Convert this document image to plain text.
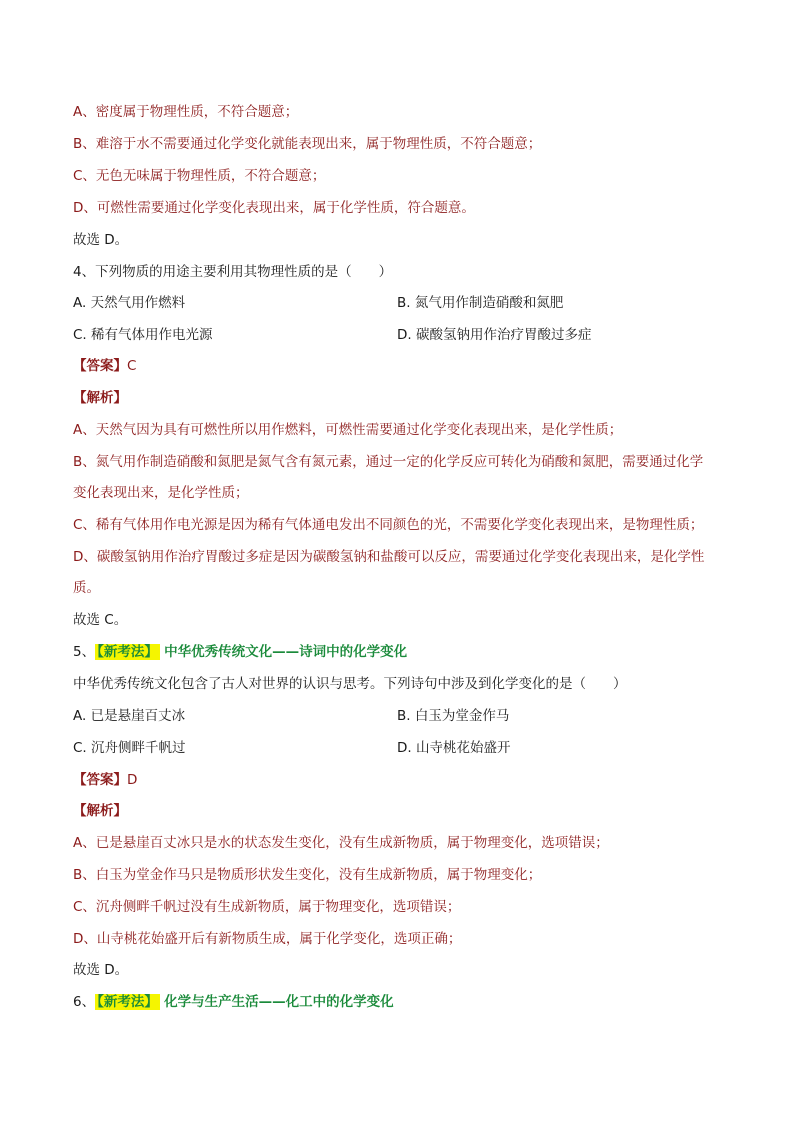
A、密度属于物理性质，不符合题意；
B、难溶于水不需要通过化学变化就能表现出来，属于物理性质，不符合题意；
C、无色无味属于物理性质，不符合题意；
D、可燃性需要通过化学变化表现出来，属于化学性质，符合题意。
故选 D。
4、下列物质的用途主要利用其物理性质的是（　　）
A. 天然气用作燃料	B. 氮气用作制造硝酸和氮肥
C. 稀有气体用作电光源	D. 碳酸氢钠用作治疗胃酸过多症
【答案】C
【解析】
A、天然气因为具有可燃性所以用作燃料，可燃性需要通过化学变化表现出来，是化学性质；
B、氮气用作制造硝酸和氮肥是氮气含有氮元素，通过一定的化学反应可转化为硝酸和氮肥，需要通过化学
变化表现出来，是化学性质；
C、稀有气体用作电光源是因为稀有气体通电发出不同颜色的光，不需要化学变化表现出来，是物理性质；
D、碳酸氢钠用作治疗胃酸过多症是因为碳酸氢钠和盐酸可以反应，需要通过化学变化表现出来，是化学性
质。
故选 C。
5、 【新考法】 中华优秀传统文化——诗词中的化学变化
中华优秀传统文化包含了古人对世界的认识与思考。下列诗句中涉及到化学变化的是（　　）
A. 已是悬崖百丈冰	B. 白玉为堂金作马
C. 沉舟侧畔千帆过	D. 山寺桃花始盛开
【答案】D
【解析】
A、已是悬崖百丈冰只是水的状态发生变化，没有生成新物质，属于物理变化，选项错误；
B、白玉为堂金作马只是物质形状发生变化，没有生成新物质，属于物理变化；
C、沉舟侧畔千帆过没有生成新物质，属于物理变化，选项错误；
D、山寺桃花始盛开后有新物质生成，属于化学变化，选项正确；
故选 D。
6、 【新考法】 化学与生产生活——化工中的化学变化
